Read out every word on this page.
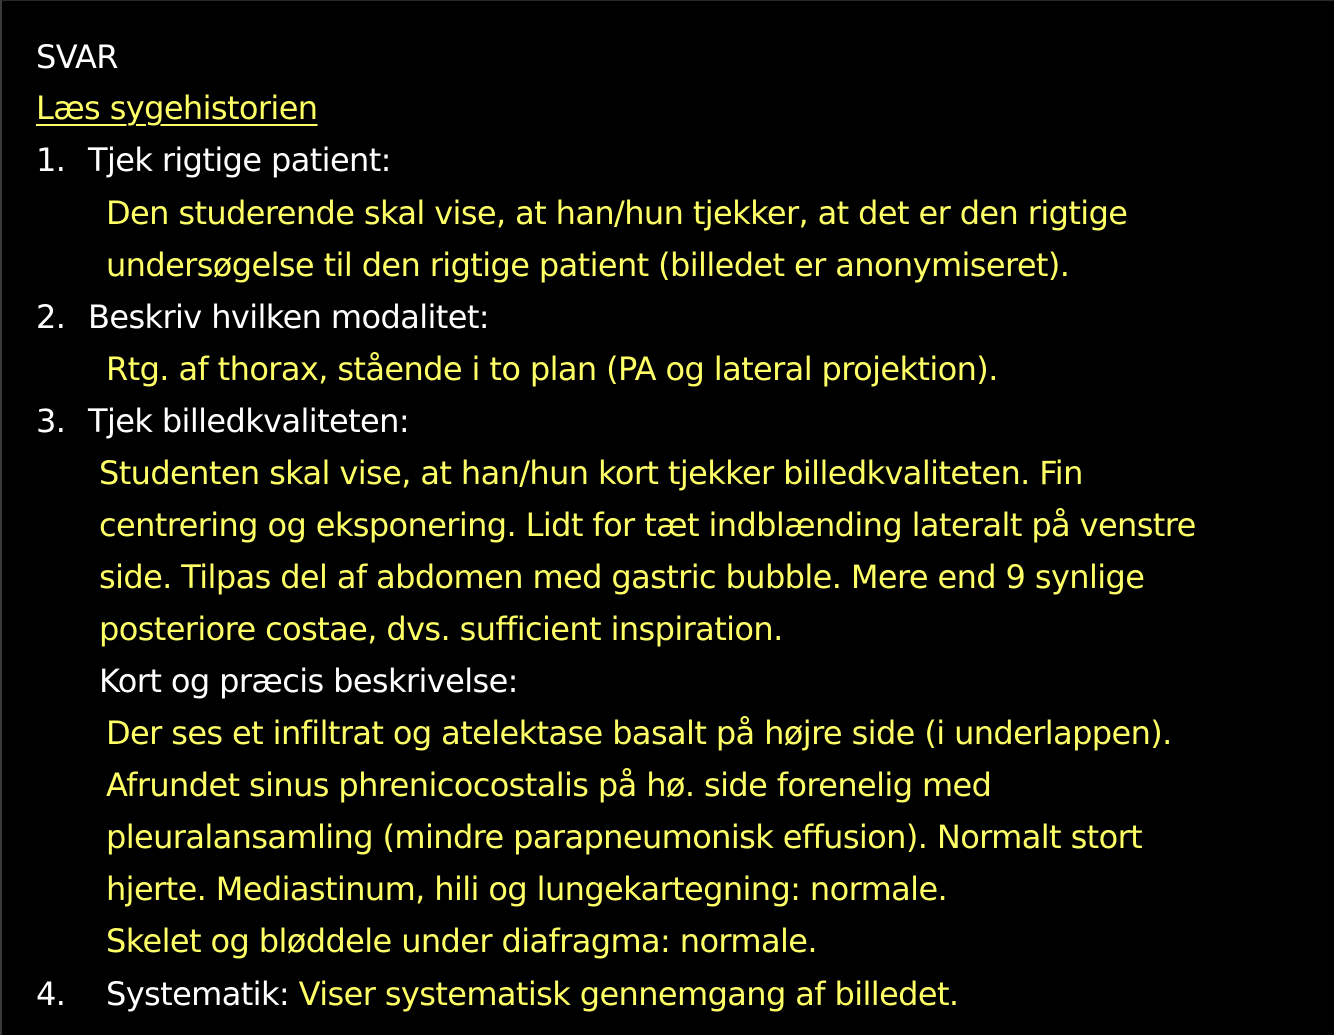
SVAR
Læs sygehistorien
1. Tjek rigtige patient:
Den studerende skal vise, at han/hun tjekker, at det er den rigtige
undersøgelse til den rigtige patient (billedet er anonymiseret).
2. Beskriv hvilken modalitet:
Rtg. af thorax, stående i to plan (PA og lateral projektion).
3. Tjek billedkvaliteten:
Studenten skal vise, at han/hun kort tjekker billedkvaliteten. Fin
centrering og eksponering. Lidt for tæt indblænding lateralt på venstre
side. Tilpas del af abdomen med gastric bubble. Mere end 9 synlige
posteriore costae, dvs. sufficient inspiration.
Kort og præcis beskrivelse:
Der ses et infiltrat og atelektase basalt på højre side (i underlappen).
Afrundet sinus phrenicocostalis på hø. side forenelig med
pleuralansamling (mindre parapneumonisk effusion). Normalt stort
hjerte. Mediastinum, hili og lungekartegning: normale.
Skelet og bløddele under diafragma: normale.
4. Systematik: Viser systematisk gennemgang af billedet.
